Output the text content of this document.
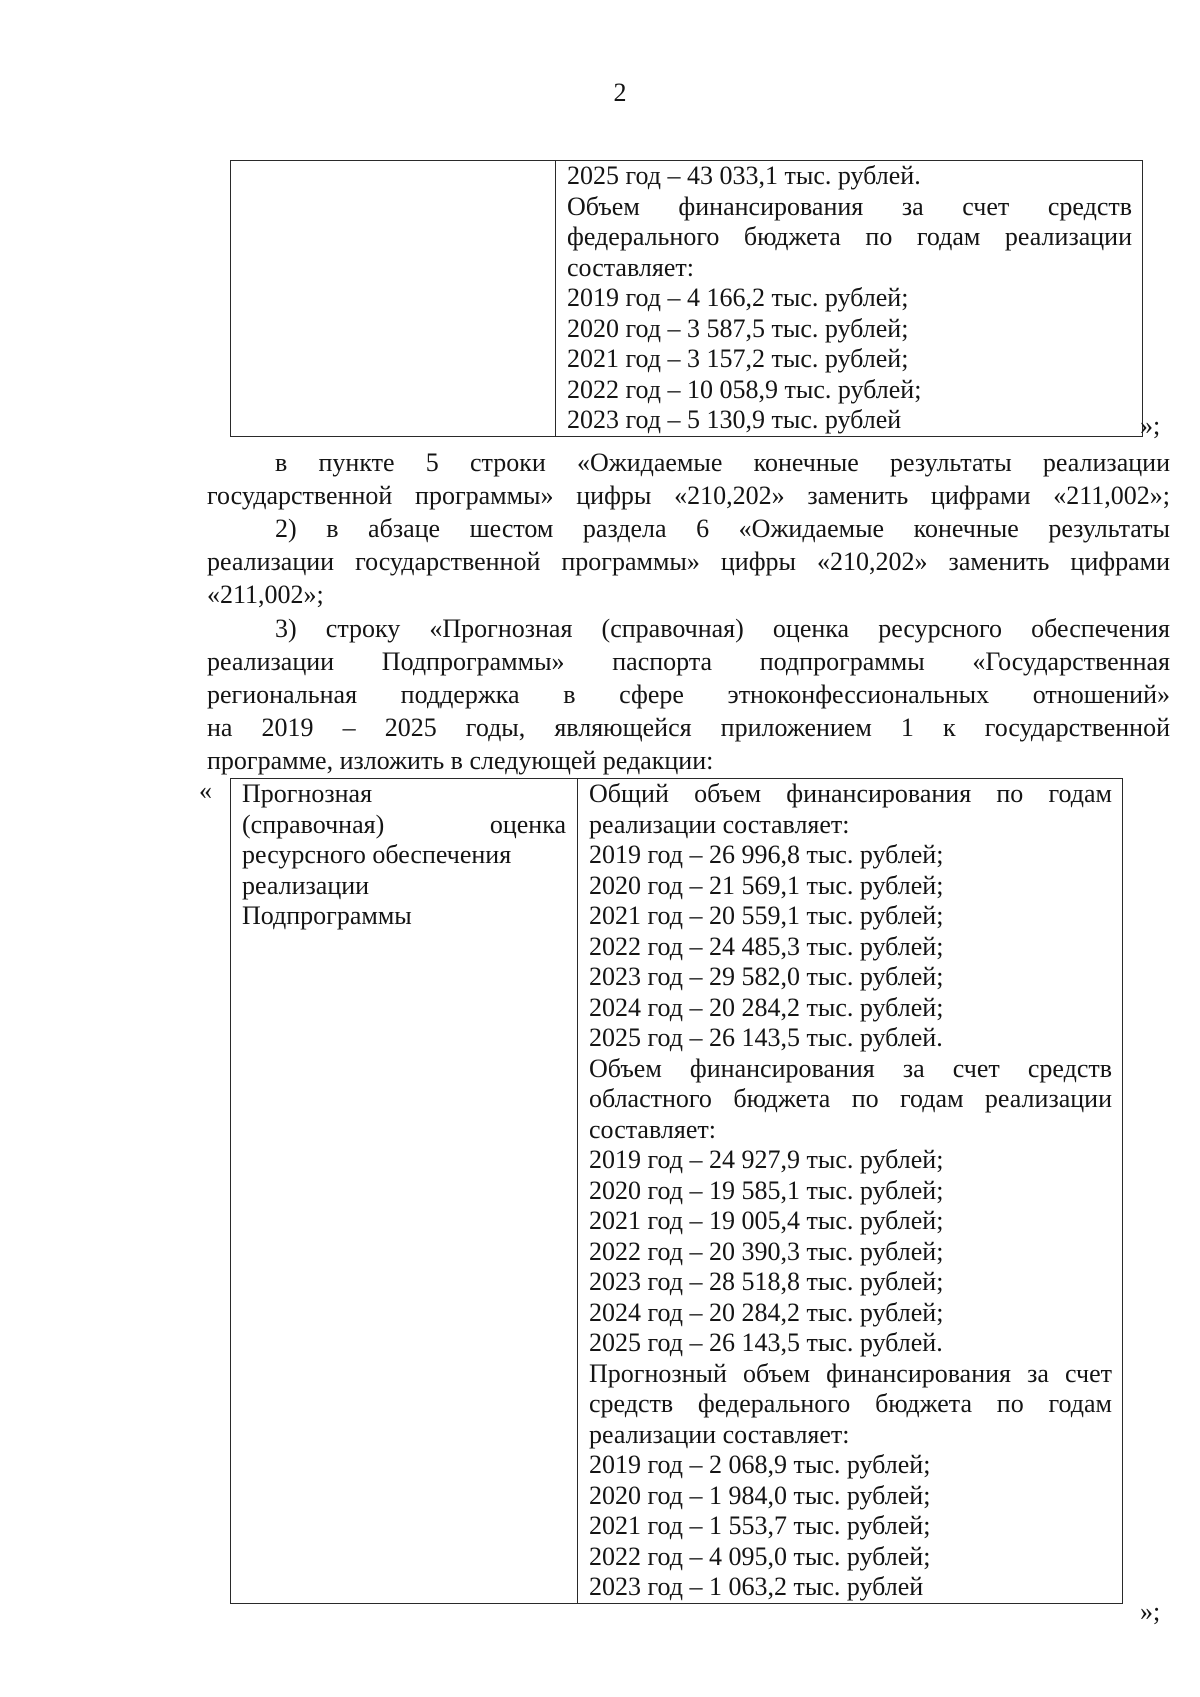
2

2025 год – 43 033,1 тыс. рублей.
Объем финансирования за счет средств
федерального бюджета по годам реализации
составляет:
2019 год – 4 166,2 тыс. рублей;
2020 год – 3 587,5 тыс. рублей;
2021 год – 3 157,2 тыс. рублей;
2022 год – 10 058,9 тыс. рублей;
2023 год – 5 130,9 тыс. рублей	»;
в пункте 5 строки «Ожидаемые конечные результаты реализации
государственной программы» цифры «210,202» заменить цифрами «211,002»;
2) в абзаце шестом раздела 6 «Ожидаемые конечные результаты
реализации государственной программы» цифры «210,202» заменить цифрами
«211,002»;
3) строку «Прогнозная (справочная) оценка ресурсного обеспечения
реализации Подпрограммы» паспорта подпрограммы «Государственная
региональная поддержка в сфере этноконфессиональных отношений»
на 2019 – 2025 годы, являющейся приложением 1 к государственной
программе, изложить в следующей редакции:
« Прогнозная
(справочная) оценка
ресурсного обеспечения
реализации
Подпрограммы

Общий объем финансирования по годам
реализации составляет:
2019 год – 26 996,8 тыс. рублей;
2020 год – 21 569,1 тыс. рублей;
2021 год – 20 559,1 тыс. рублей;
2022 год – 24 485,3 тыс. рублей;
2023 год – 29 582,0 тыс. рублей;
2024 год – 20 284,2 тыс. рублей;
2025 год – 26 143,5 тыс. рублей.
Объем финансирования за счет средств
областного бюджета по годам реализации
составляет:
2019 год – 24 927,9 тыс. рублей;
2020 год – 19 585,1 тыс. рублей;
2021 год – 19 005,4 тыс. рублей;
2022 год – 20 390,3 тыс. рублей;
2023 год – 28 518,8 тыс. рублей;
2024 год – 20 284,2 тыс. рублей;
2025 год – 26 143,5 тыс. рублей.
Прогнозный объем финансирования за счет
средств федерального бюджета по годам
реализации составляет:
2019 год – 2 068,9 тыс. рублей;
2020 год – 1 984,0 тыс. рублей;
2021 год – 1 553,7 тыс. рублей;
2022 год – 4 095,0 тыс. рублей;
2023 год – 1 063,2 тыс. рублей
»;
